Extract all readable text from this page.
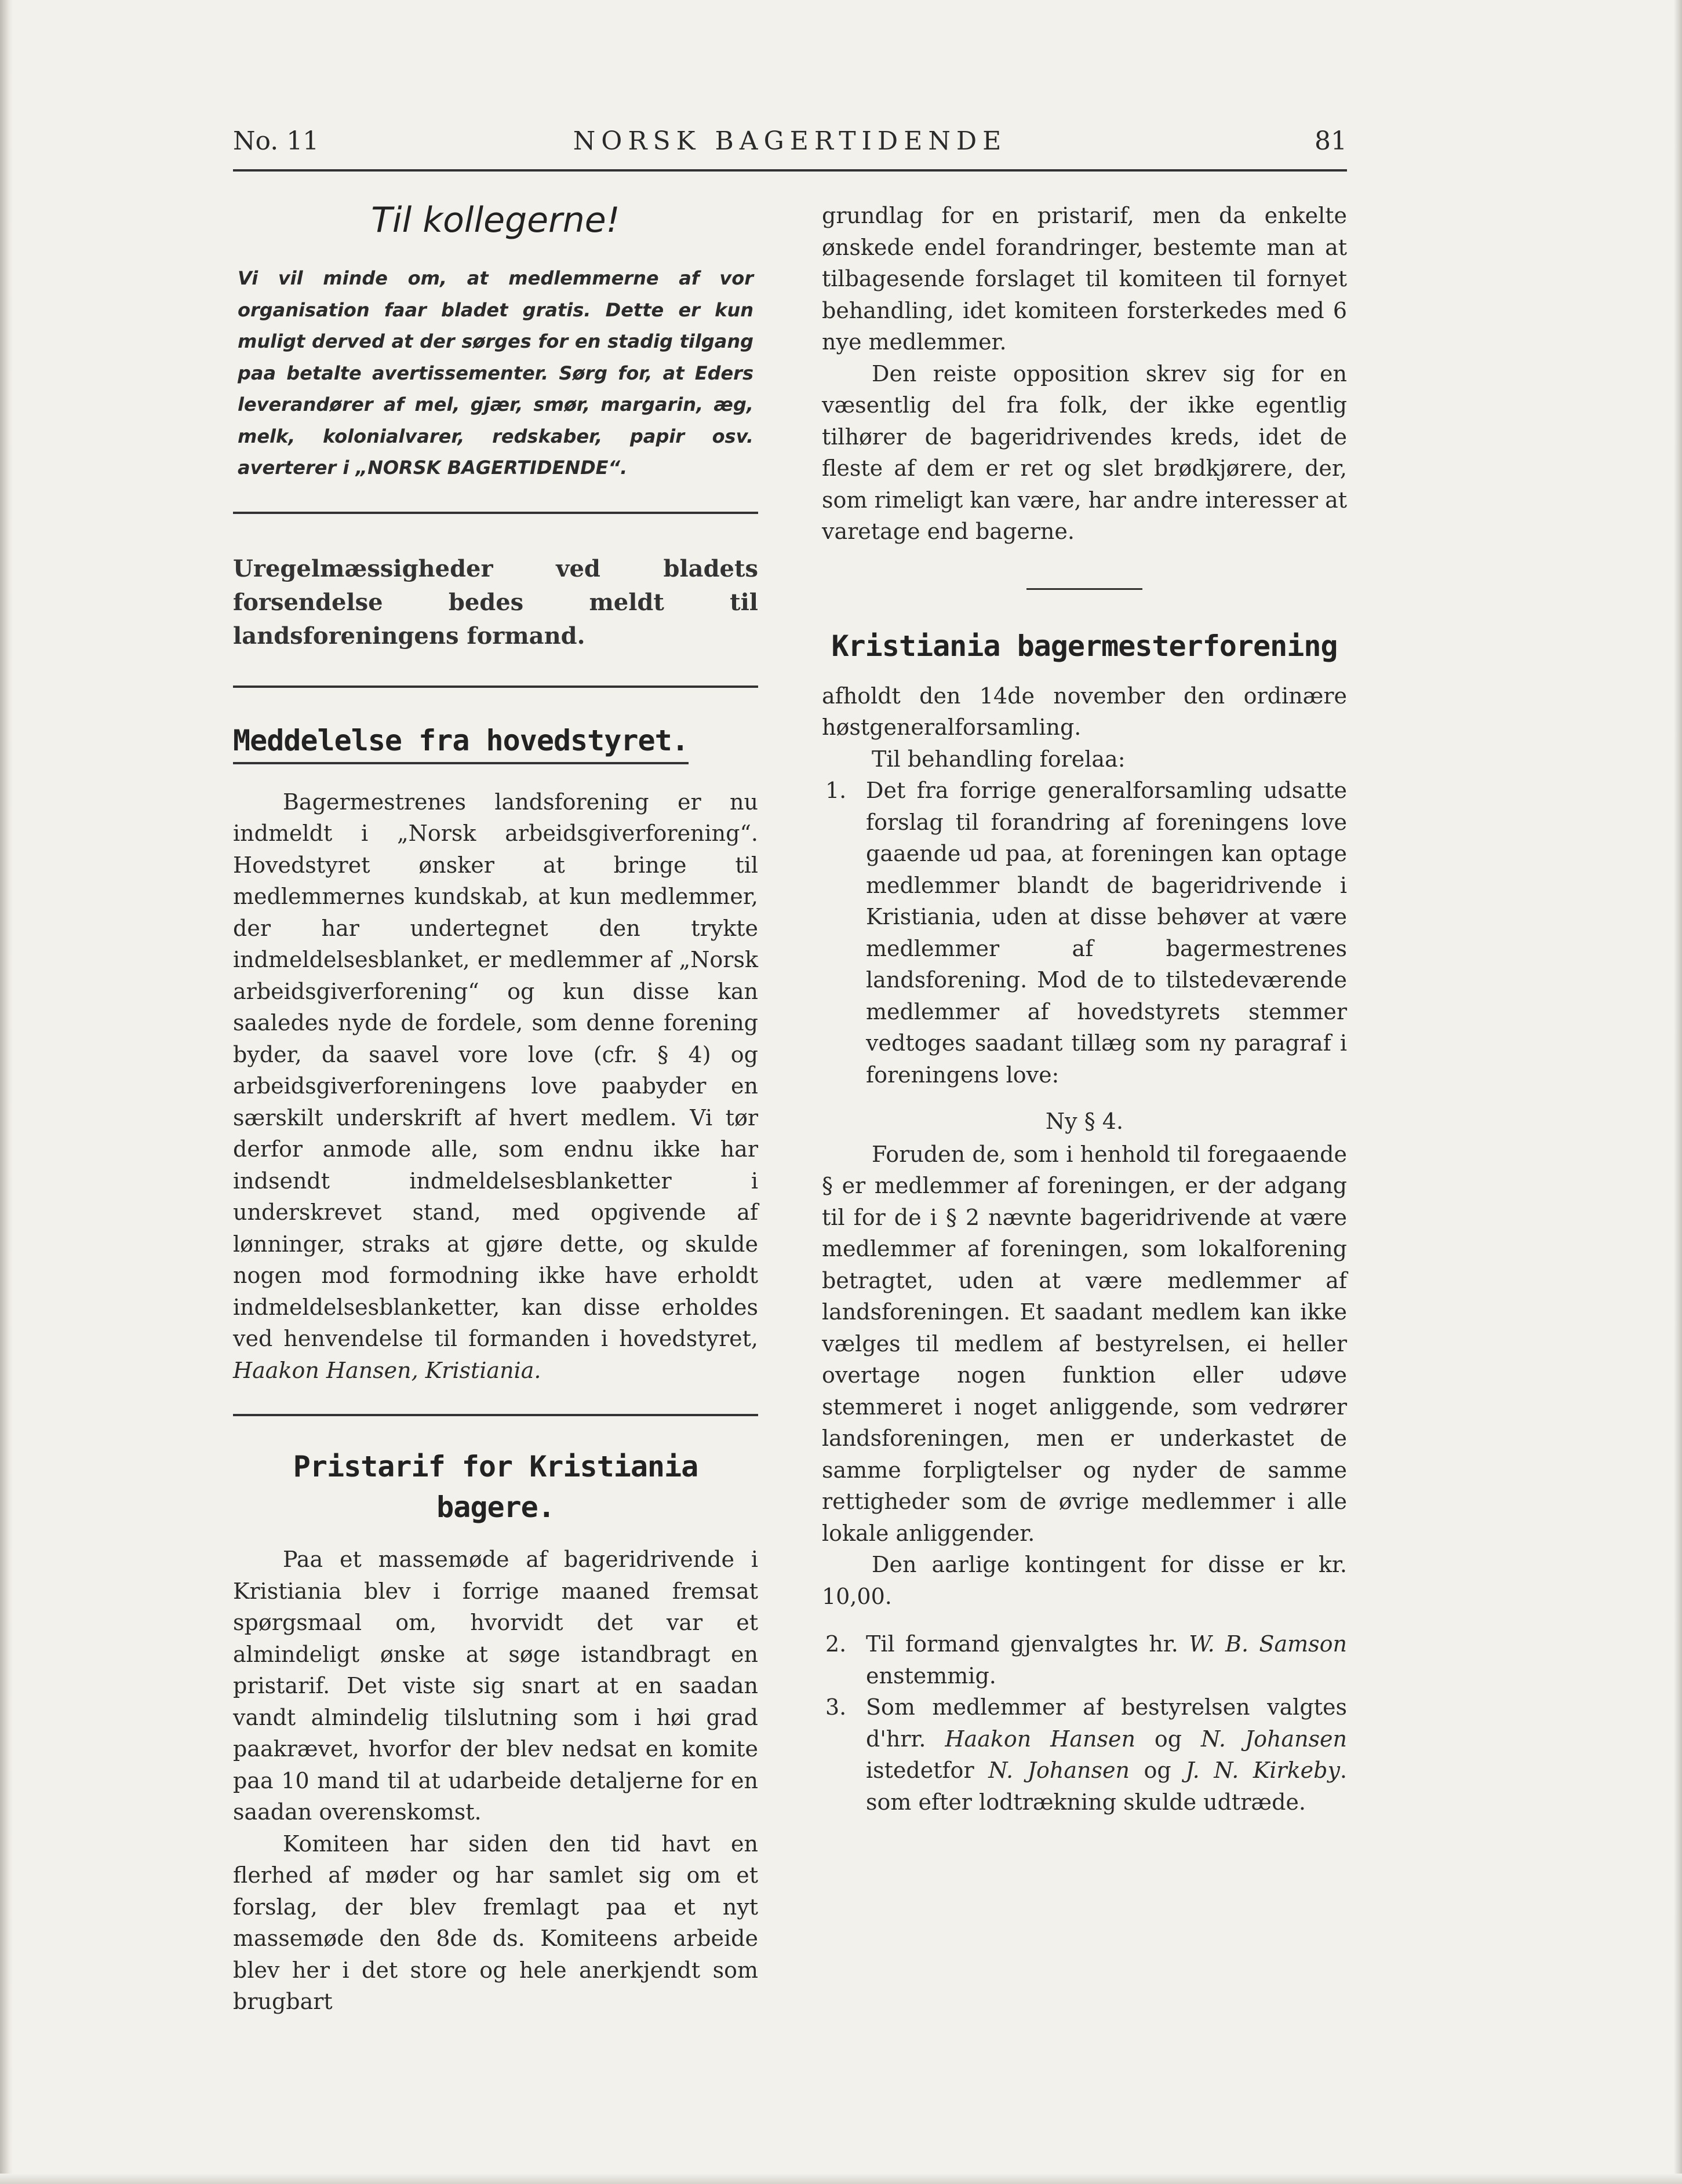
No. 11	NORSK BAGERTIDENDE	81
Til kollegerne!

Vi vil minde om, at medlemmerne af vor organisation faar bladet gratis. Dette er kun muligt derved at der sørges for en stadig tilgang paa betalte avertissementer. Sørg for, at Eders leverandører af mel, gjær, smør, margarin, æg, melk, kolonialvarer, redskaber, papir osv. averterer i „NORSK BAGERTIDENDE“.

Uregelmæssigheder ved bladets forsendelse bedes meldt til landsforeningens formand.

Meddelelse fra hovedstyret.

Bagermestrenes landsforening er nu indmeldt i „Norsk arbeidsgiverforening“. Hovedstyret ønsker at bringe til medlemmernes kundskab, at kun medlemmer, der har undertegnet den trykte indmeldelsesblanket, er medlemmer af „Norsk arbeidsgiverforening“ og kun disse kan saaledes nyde de fordele, som denne forening byder, da saavel vore love (cfr. § 4) og arbeidsgiverforeningens love paabyder en særskilt underskrift af hvert medlem. Vi tør derfor anmode alle, som endnu ikke har indsendt indmeldelsesblanketter i underskrevet stand, med opgivende af lønninger, straks at gjøre dette, og skulde nogen mod formodning ikke have erholdt indmeldelsesblanketter, kan disse erholdes ved henvendelse til formanden i hovedstyret, Haakon Hansen, Kristiania.

Pristarif for Kristiania bagere.

Paa et massemøde af bageridrivende i Kristiania blev i forrige maaned fremsat spørgsmaal om, hvorvidt det var et almindeligt ønske at søge istandbragt en pristarif. Det viste sig snart at en saadan vandt almindelig tilslutning som i høi grad paakrævet, hvorfor der blev nedsat en komite paa 10 mand til at udarbeide detaljerne for en saadan overenskomst.

Komiteen har siden den tid havt en flerhed af møder og har samlet sig om et forslag, der blev fremlagt paa et nyt massemøde den 8de ds. Komiteens arbeide blev her i det store og hele anerkjendt som brugbart

grundlag for en pristarif, men da enkelte ønskede endel forandringer, bestemte man at tilbagesende forslaget til komiteen til fornyet behandling, idet komiteen forsterkedes med 6 nye medlemmer.

Den reiste opposition skrev sig for en væsentlig del fra folk, der ikke egentlig tilhører de bageridrivendes kreds, idet de fleste af dem er ret og slet brødkjørere, der, som rimeligt kan være, har andre interesser at varetage end bagerne.

Kristiania bagermesterforening

afholdt den 14de november den ordinære høstgeneralforsamling.

Til behandling forelaa:

1. Det fra forrige generalforsamling udsatte forslag til forandring af foreningens love gaaende ud paa, at foreningen kan optage medlemmer blandt de bageridrivende i Kristiania, uden at disse behøver at være medlemmer af bagermestrenes landsforening. Mod de to tilstedeværende medlemmer af hovedstyrets stemmer vedtoges saadant tillæg som ny paragraf i foreningens love:

Ny § 4.

Foruden de, som i henhold til foregaaende § er medlemmer af foreningen, er der adgang til for de i § 2 nævnte bageridrivende at være medlemmer af foreningen, som lokalforening betragtet, uden at være medlemmer af landsforeningen. Et saadant medlem kan ikke vælges til medlem af bestyrelsen, ei heller overtage nogen funktion eller udøve stemmeret i noget anliggende, som vedrører landsforeningen, men er underkastet de samme forpligtelser og nyder de samme rettigheder som de øvrige medlemmer i alle lokale anliggender.

Den aarlige kontingent for disse er kr. 10,00.

2. Til formand gjenvalgtes hr. W. B. Samson enstemmig.
3. Som medlemmer af bestyrelsen valgtes d'hrr. Haakon Hansen og N. Johansen istedetfor N. Johansen og J. N. Kirkeby. som efter lodtrækning skulde udtræde.
